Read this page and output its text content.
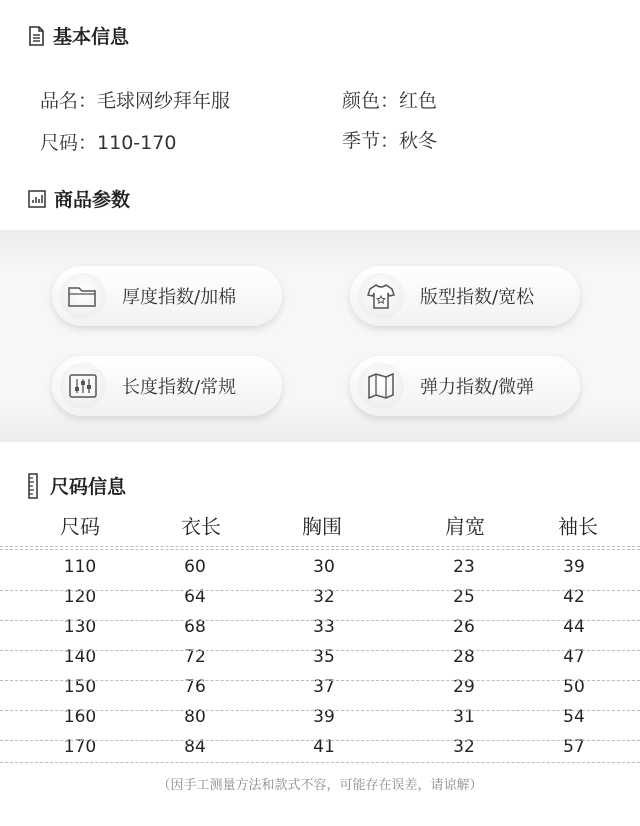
基本信息
品名：毛球网纱拜年服	颜色：红色
尺码：110-170	季节：秋冬
商品参数
厚度指数/加棉	版型指数/宽松
长度指数/常规	弹力指数/微弹
尺码信息
尺码	衣长	胸围	肩宽	袖长
110	60	30	23	39
120	64	32	25	42
130	68	33	26	44
140	72	35	28	47
150	76	37	29	50
160	80	39	31	54
170	84	41	32	57
（因手工测量方法和款式不容，可能存在误差，请谅解）
